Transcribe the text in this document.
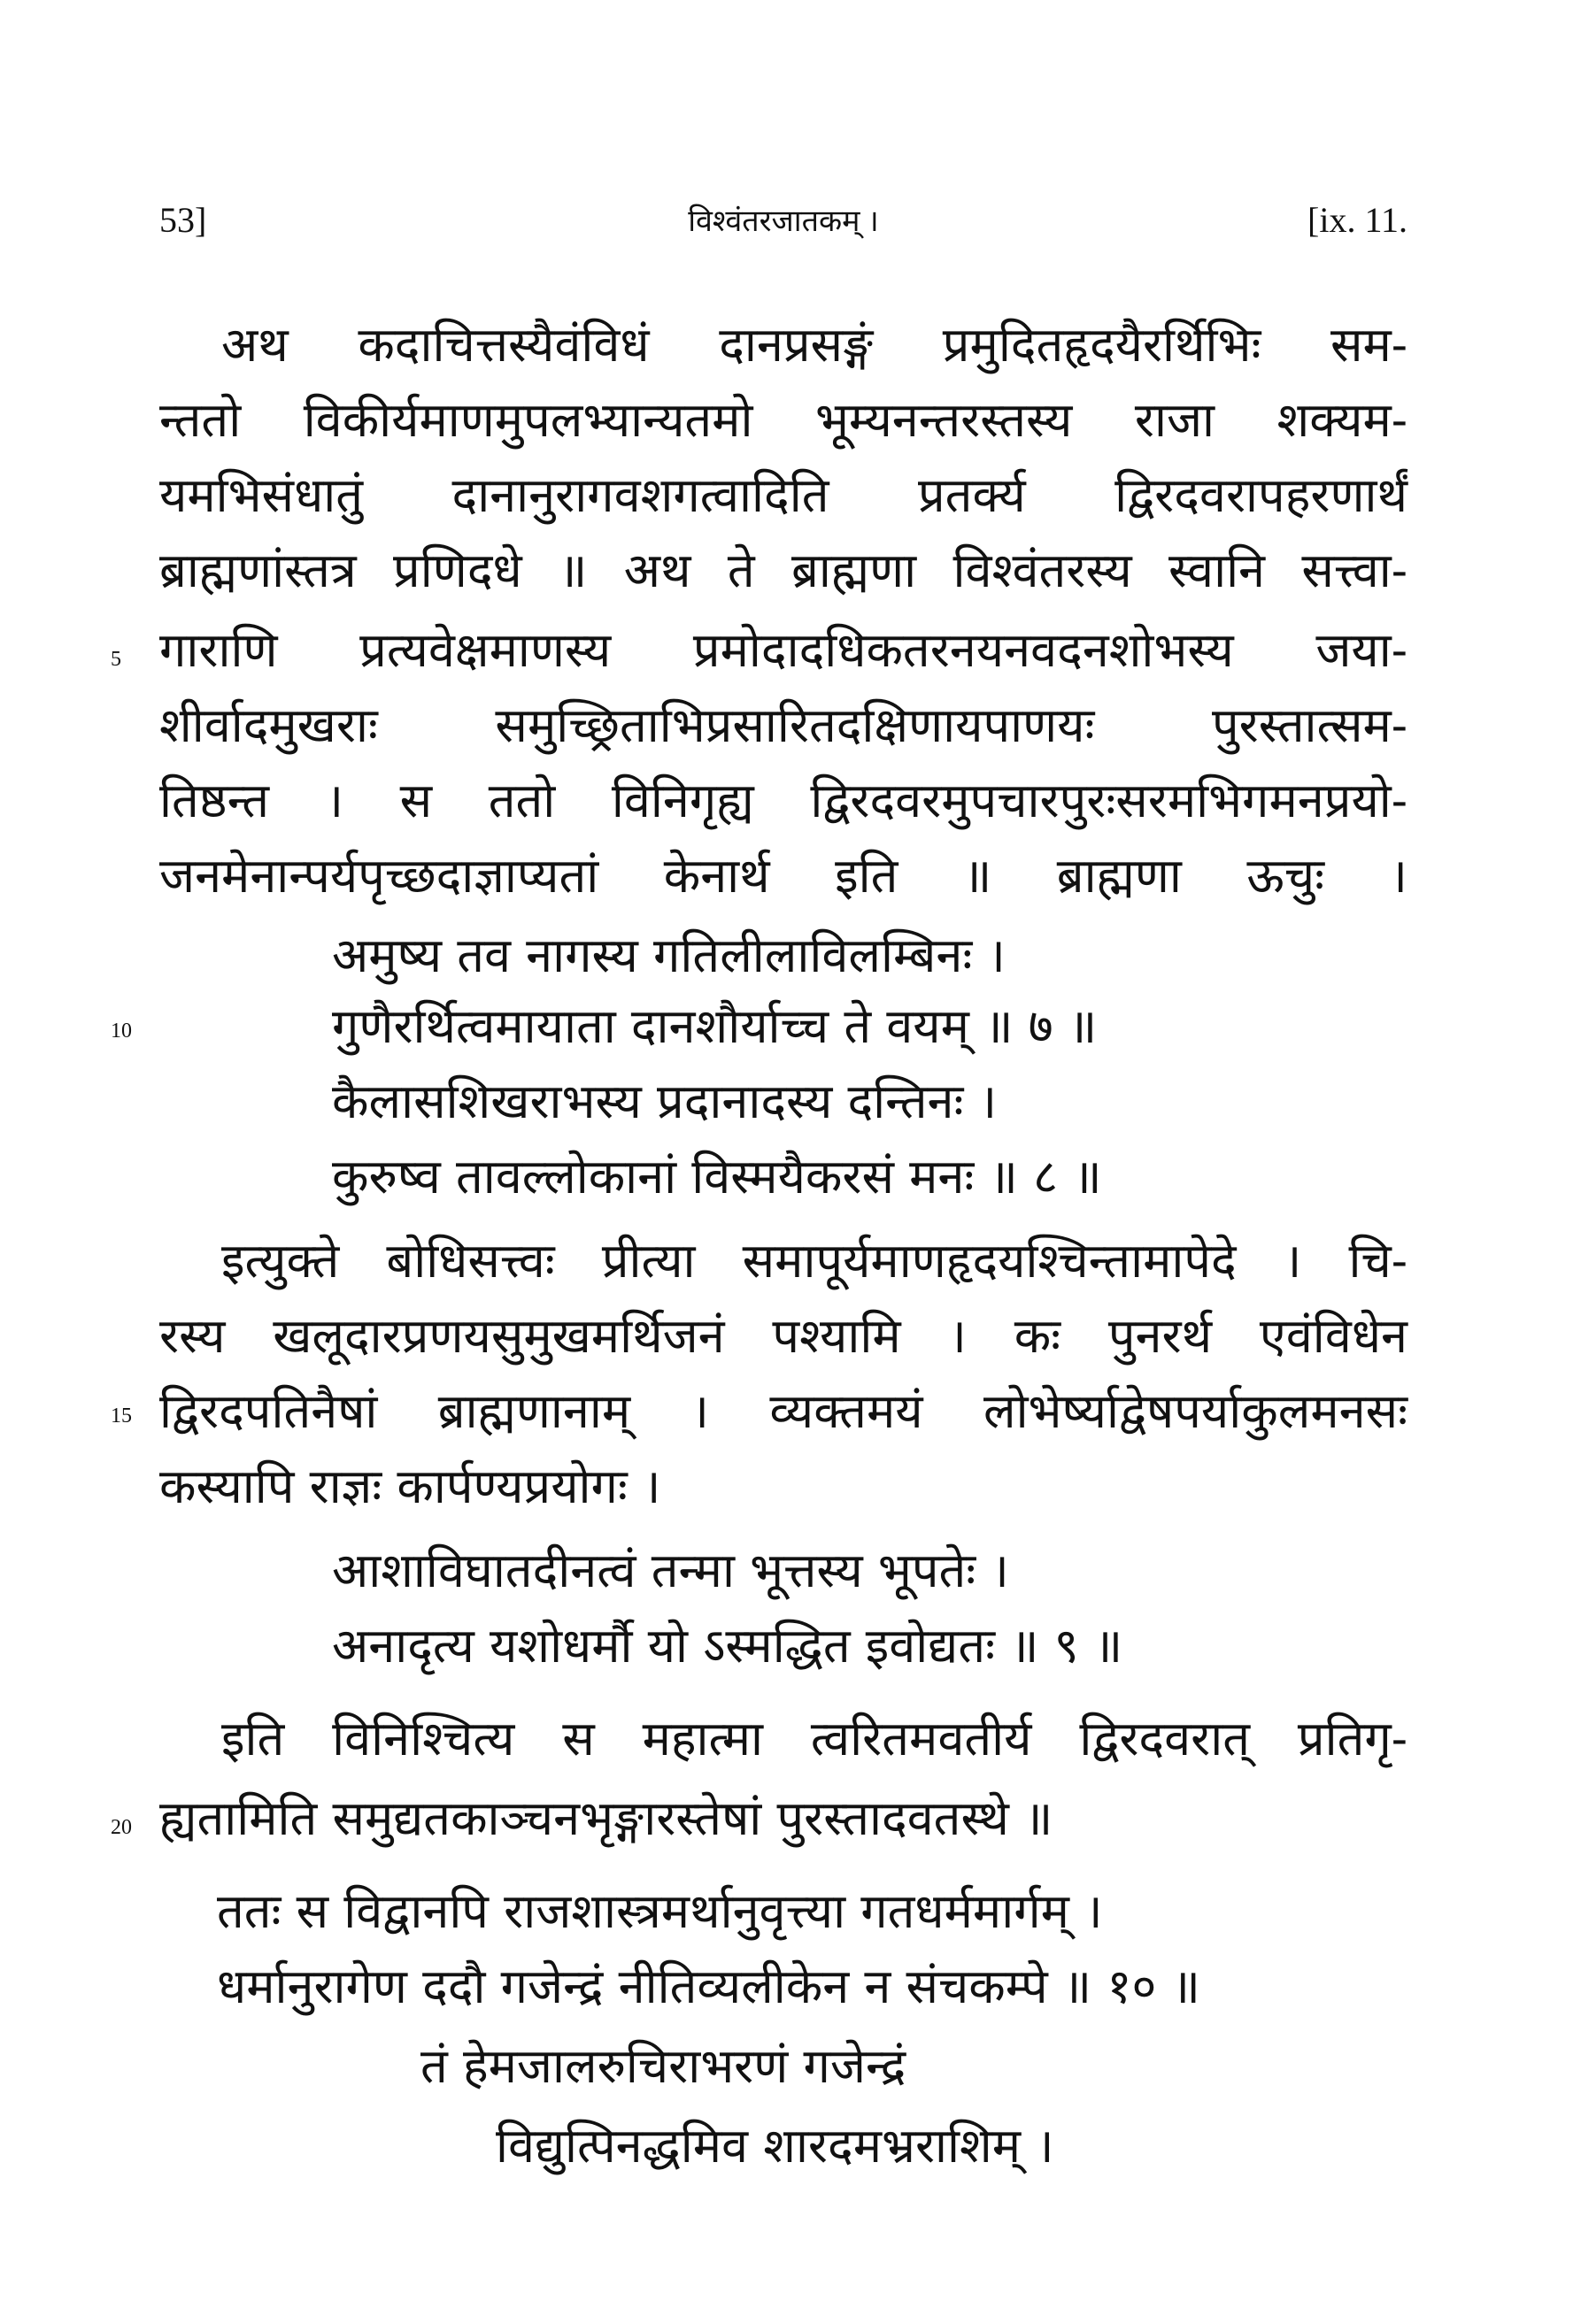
53]	विश्वंतरजातकम् ।	[ix. 11.
5
10
15
20
अथ कदाचित्तस्यैवंविधं दानप्रसङ्गं प्रमुदितहृदयैरर्थिभिः सम-
न्ततो विकीर्यमाणमुपलभ्यान्यतमो भूम्यनन्तरस्तस्य राजा शक्यम-
यमभिसंधातुं दानानुरागवशगत्वादिति प्रतर्क्य द्विरदवरापहरणार्थं
ब्राह्मणांस्तत्र प्रणिदधे ॥ अथ ते ब्राह्मणा विश्वंतरस्य स्वानि सत्त्वा-
गाराणि प्रत्यवेक्षमाणस्य प्रमोदादधिकतरनयनवदनशोभस्य जया-
शीर्वादमुखराः समुच्छ्रिताभिप्रसारितदक्षिणायपाणयः पुरस्तात्सम-
तिष्ठन्त । स ततो विनिगृह्य द्विरदवरमुपचारपुरःसरमभिगमनप्रयो-
जनमेनान्पर्यपृच्छदाज्ञाप्यतां केनार्थ इति ॥ ब्राह्मणा ऊचुः ।
अमुष्य तव नागस्य गतिलीलाविलम्बिनः ।
गुणैरर्थित्वमायाता दानशौर्याच्च ते वयम् ॥ ७ ॥
कैलासशिखराभस्य प्रदानादस्य दन्तिनः ।
कुरुष्व तावल्लोकानां विस्मयैकरसं मनः ॥ ८ ॥
इत्युक्ते बोधिसत्त्वः प्रीत्या समापूर्यमाणहृदयश्चिन्तामापेदे । चि-
रस्य खलूदारप्रणयसुमुखमर्थिजनं पश्यामि । कः पुनरर्थ एवंविधेन
द्विरदपतिनैषां ब्राह्मणानाम् । व्यक्तमयं लोभेर्ष्याद्वेषपर्याकुलमनसः
कस्यापि राज्ञः कार्पण्यप्रयोगः ।
आशाविघातदीनत्वं तन्मा भूत्तस्य भूपतेः ।
अनादृत्य यशोधर्मौ यो ऽस्मद्धित इवोद्यतः ॥ ९ ॥
इति विनिश्चित्य स महात्मा त्वरितमवतीर्य द्विरदवरात् प्रतिगृ-
ह्यतामिति समुद्यतकाञ्चनभृङ्गारस्तेषां पुरस्तादवतस्थे ॥
ततः स विद्वानपि राजशास्त्रमर्थानुवृत्त्या गतधर्ममार्गम् ।
धर्मानुरागेण ददौ गजेन्द्रं नीतिव्यलीकेन न संचकम्पे ॥ १० ॥
तं हेमजालरुचिराभरणं गजेन्द्रं
विद्युत्पिनद्धमिव शारदमभ्रराशिम् ।
